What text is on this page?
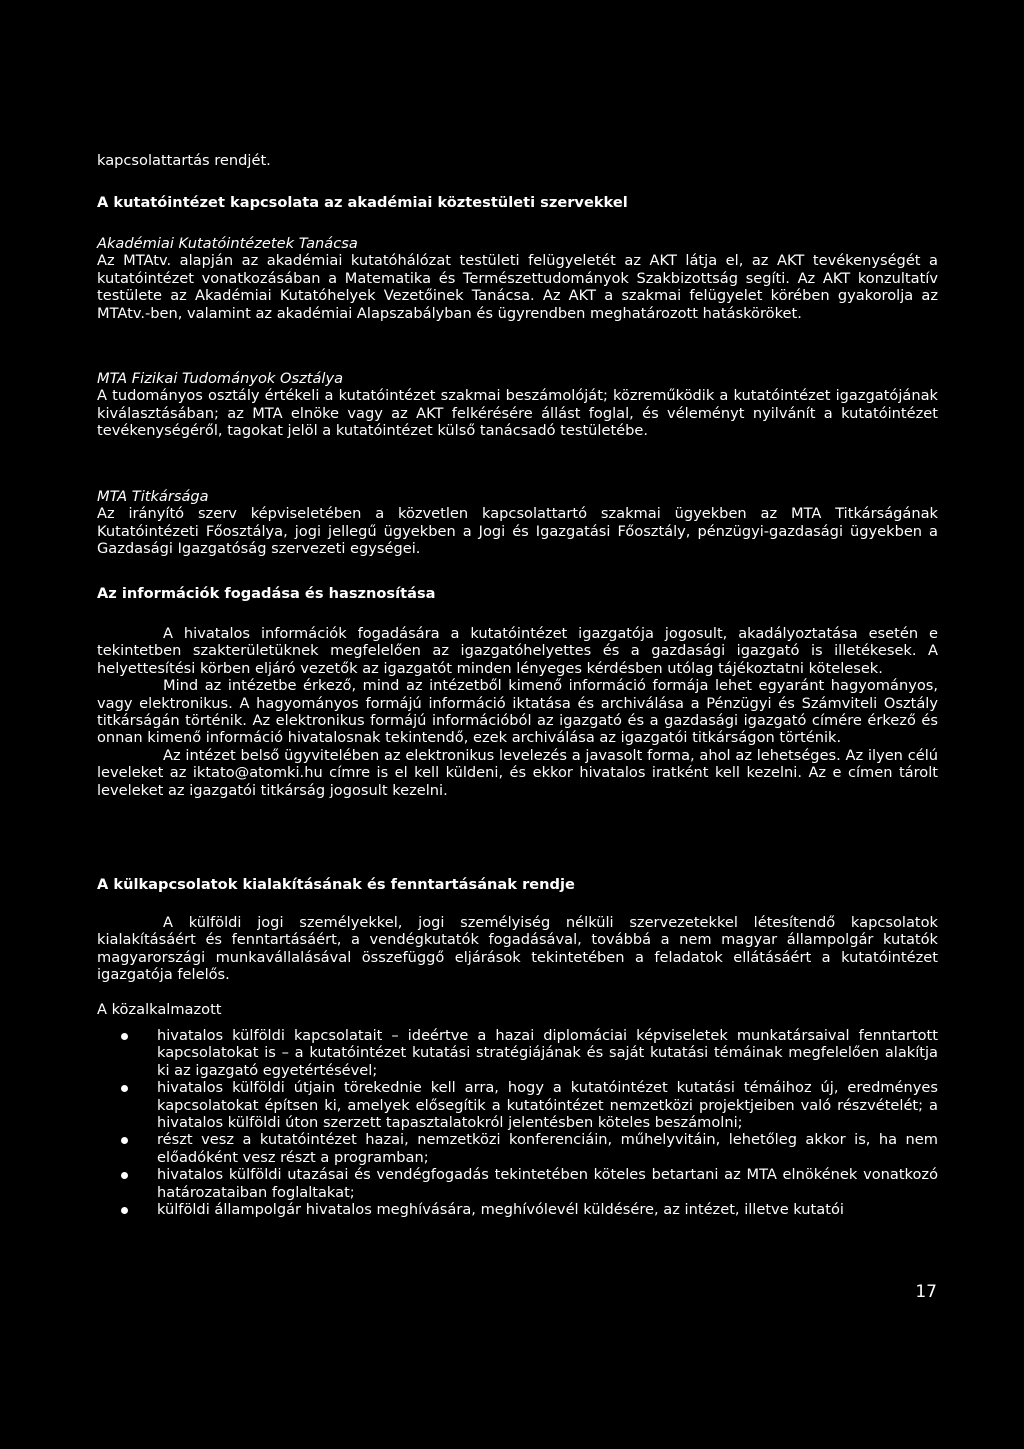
kapcsolattartás rendjét.

A kutatóintézet kapcsolata az akadémiai köztestületi szervekkel

Akadémiai Kutatóintézetek Tanácsa

Az MTAtv. alapján az akadémiai kutatóhálózat testületi felügyeletét az AKT látja el, az AKT tevékenységét a kutatóintézet vonatkozásában a Matematika és Természettudományok Szakbizottság segíti. Az AKT konzultatív testülete az Akadémiai Kutatóhelyek Vezetőinek Tanácsa. Az AKT a szakmai felügyelet körében gyakorolja az MTAtv.-ben, valamint az akadémiai Alapszabályban és ügyrendben meghatározott hatásköröket.

MTA Fizikai Tudományok Osztálya

A tudományos osztály értékeli a kutatóintézet szakmai beszámolóját; közreműködik a kutatóintézet igazgatójának kiválasztásában; az MTA elnöke vagy az AKT felkérésére állást foglal, és véleményt nyilvánít a kutatóintézet tevékenységéről, tagokat jelöl a kutatóintézet külső tanácsadó testületébe.

MTA Titkársága

Az irányító szerv képviseletében a közvetlen kapcsolattartó szakmai ügyekben az MTA Titkárságának Kutatóintézeti Főosztálya, jogi jellegű ügyekben a Jogi és Igazgatási Főosztály, pénzügyi-gazdasági ügyekben a Gazdasági Igazgatóság szervezeti egységei.

Az információk fogadása és hasznosítása

A hivatalos információk fogadására a kutatóintézet igazgatója jogosult, akadályoztatása esetén e tekintetben szakterületüknek megfelelően az igazgatóhelyettes és a gazdasági igazgató is illetékesek. A helyettesítési körben eljáró vezetők az igazgatót minden lényeges kérdésben utólag tájékoztatni kötelesek.

Mind az intézetbe érkező, mind az intézetből kimenő információ formája lehet egyaránt hagyományos, vagy elektronikus. A hagyományos formájú információ iktatása és archiválása a Pénzügyi és Számviteli Osztály titkárságán történik. Az elektronikus formájú információból az igazgató és a gazdasági igazgató címére érkező és onnan kimenő információ hivatalosnak tekintendő, ezek archiválása az igazgatói titkárságon történik.

Az intézet belső ügyvitelében az elektronikus levelezés a javasolt forma, ahol az lehetséges. Az ilyen célú leveleket az iktato@atomki.hu címre is el kell küldeni, és ekkor hivatalos iratként kell kezelni. Az e címen tárolt leveleket az igazgatói titkárság jogosult kezelni.

A külkapcsolatok kialakításának és fenntartásának rendje

A külföldi jogi személyekkel, jogi személyiség nélküli szervezetekkel létesítendő kapcsolatok kialakításáért és fenntartásáért, a vendégkutatók fogadásával, továbbá a nem magyar állampolgár kutatók magyarországi munkavállalásával összefüggő eljárások tekintetében a feladatok ellátásáért a kutatóintézet igazgatója felelős.

A közalkalmazott

hivatalos külföldi kapcsolatait – ideértve a hazai diplomáciai képviseletek munkatársaival fenntartott kapcsolatokat is – a kutatóintézet kutatási stratégiájának és saját kutatási témáinak megfelelően alakítja ki az igazgató egyetértésével;
hivatalos külföldi útjain törekednie kell arra, hogy a kutatóintézet kutatási témáihoz új, eredményes kapcsolatokat építsen ki, amelyek elősegítik a kutatóintézet nemzetközi projektjeiben való részvételét; a hivatalos külföldi úton szerzett tapasztalatokról jelentésben köteles beszámolni;
részt vesz a kutatóintézet hazai, nemzetközi konferenciáin, műhelyvitáin, lehetőleg akkor is, ha nem előadóként vesz részt a programban;
hivatalos külföldi utazásai és vendégfogadás tekintetében köteles betartani az MTA elnökének vonatkozó határozataiban foglaltakat;
külföldi állampolgár hivatalos meghívására, meghívólevél küldésére, az intézet, illetve kutatói
17
